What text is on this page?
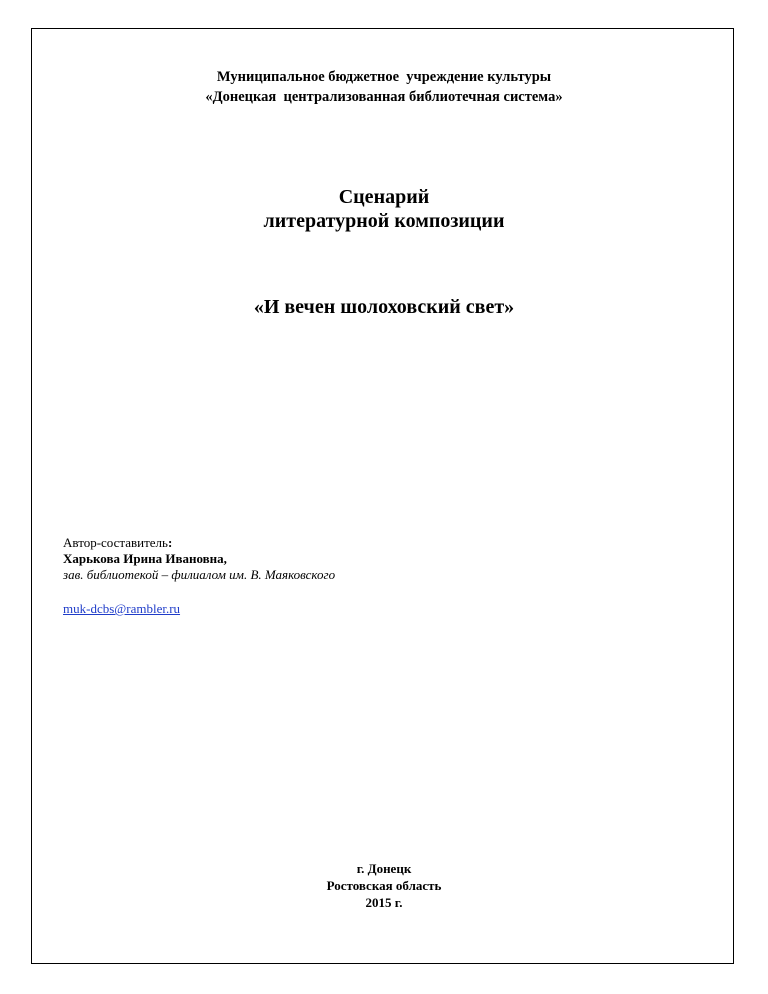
Муниципальное бюджетное  учреждение культуры
«Донецкая  централизованная библиотечная система»
Сценарий
литературной композиции
«И вечен шолоховский свет»
Автор-составитель:
Харькова Ирина Ивановна,
зав. библиотекой – филиалом им. В. Маяковского
muk-dcbs@rambler.ru
г. Донецк
Ростовская область
2015 г.
